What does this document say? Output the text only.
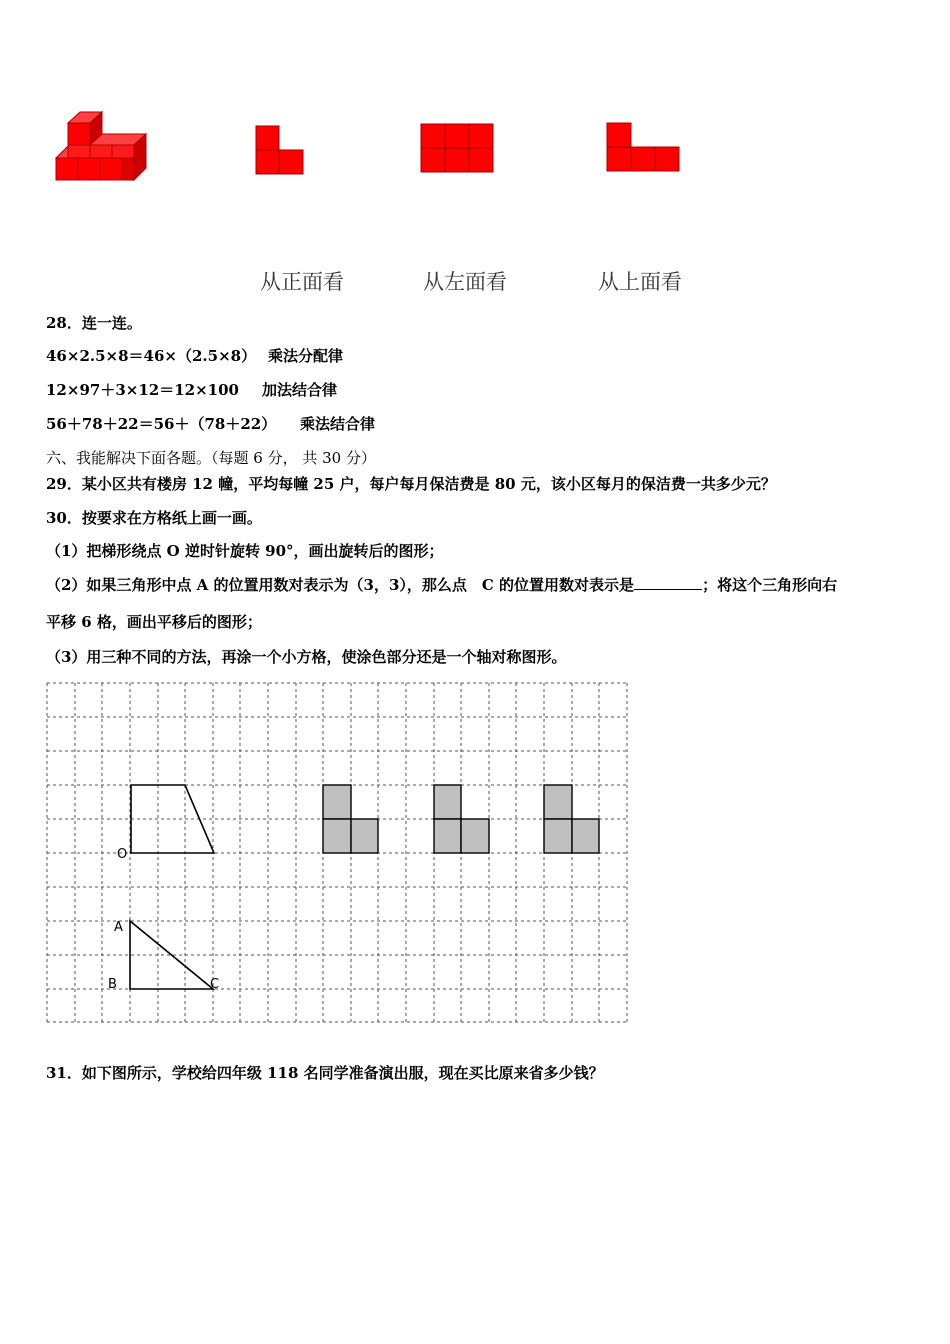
从正面看	从左面看	从上面看
28．连一连。
46×2.5×8＝46×（2.5×8） 乘法分配律
12×97＋3×12＝12×100 加法结合律
56＋78＋22＝56＋（78＋22） 乘法结合律
六、我能解决下面各题。（每题 6 分， 共 30 分）
29．某小区共有楼房 12 幢，平均每幢 25 户，每户每月保洁费是 80 元，该小区每月的保洁费一共多少元？
30．按要求在方格纸上画一画。
（1）把梯形绕点 O 逆时针旋转 90°，画出旋转后的图形；
（2）如果三角形中点 A 的位置用数对表示为（3，3），那么点　C 的位置用数对表示是	；将这个三角形向右
平移 6 格，画出平移后的图形；
（3）用三种不同的方法，再涂一个小方格，使涂色部分还是一个轴对称图形。
O
A
B	C
31．如下图所示，学校给四年级 118 名同学准备演出服，现在买比原来省多少钱？
